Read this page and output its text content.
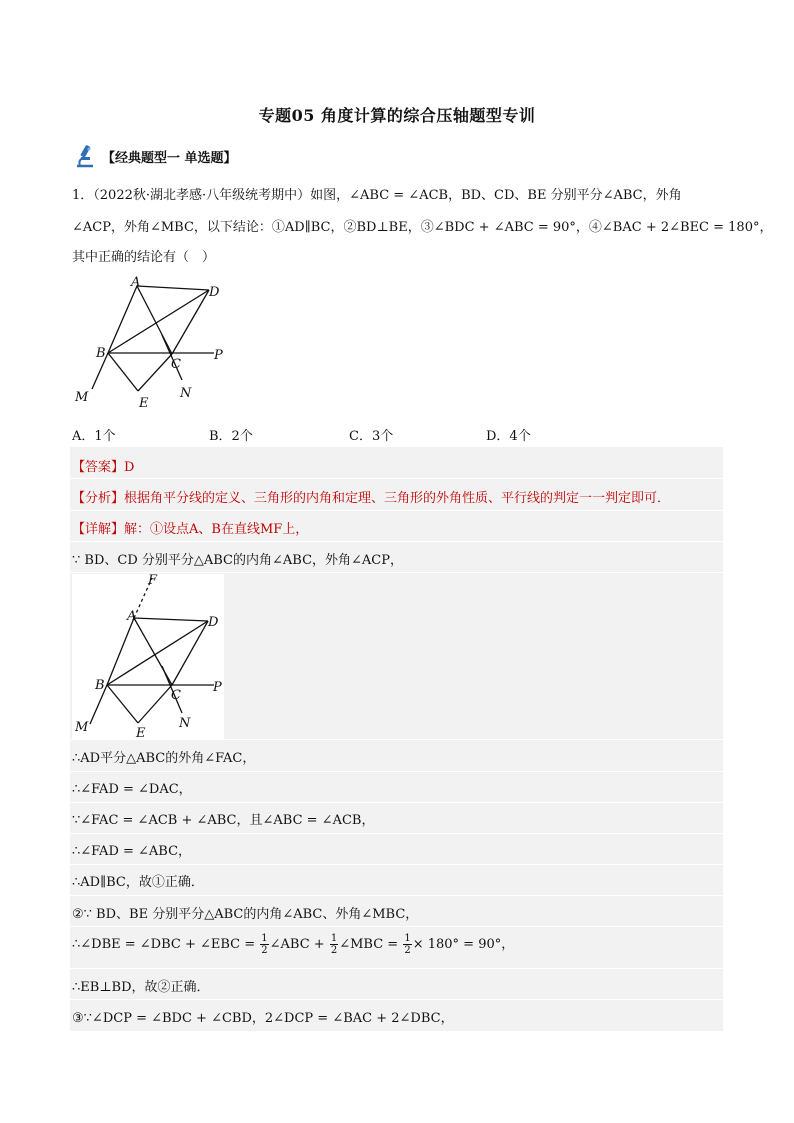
专题05 角度计算的综合压轴题型专训
【经典题型一 单选题】
1．（2022秋·湖北孝感·八年级统考期中）如图，∠ABC = ∠ACB，BD、CD、BE 分别平分∠ABC，外角
∠ACP，外角∠MBC，以下结论：①AD∥BC，②BD⊥BE，③∠BDC + ∠ABC = 90°，④∠BAC + 2∠BEC = 180°，
其中正确的结论有（　）
A
D
B
C
P
M	E
N
A．1个	B．2个	C．3个	D．4个
【答案】D
【分析】根据角平分线的定义、三角形的内角和定理、三角形的外角性质、平行线的判定一一判定即可．
【详解】解：①设点A、B在直线MF上，
∵ BD、CD 分别平分△ABC的内角∠ABC，外角∠ACP，
F
A	D
B
C
P
M	E
N
∴AD平分△ABC的外角∠FAC，
∴∠FAD = ∠DAC，
∵∠FAC = ∠ACB + ∠ABC，且∠ABC = ∠ACB，
∴∠FAD = ∠ABC，
∴AD∥BC，故①正确．
②∵ BD、BE 分别平分△ABC的内角∠ABC、外角∠MBC，
∴∠DBE = ∠DBC + ∠EBC = $\frac{1}{2}$ ∠ABC + $\frac{1}{2}$ ∠MBC = $\frac{1}{2} \times 180^\circ = 90^\circ$，
∴EB⊥BD，故②正确．
③∵∠DCP = ∠BDC + ∠CBD，2∠DCP = ∠BAC + 2∠DBC，
